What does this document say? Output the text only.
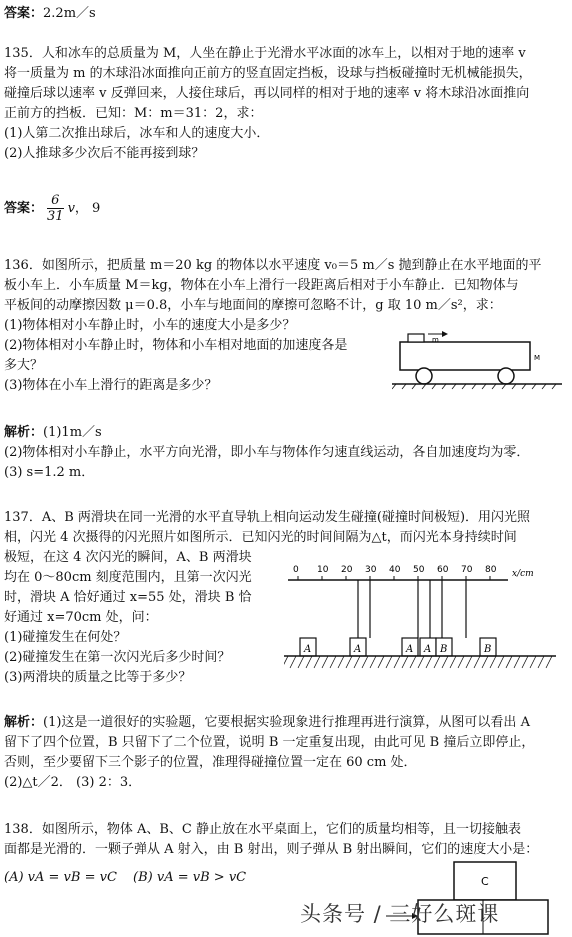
答案：2.2m／s
135．人和冰车的总质量为 M，人坐在静止于光滑水平冰面的冰车上，以相对于地的速率 v
将一质量为 m 的木球沿冰面推向正前方的竖直固定挡板，设球与挡板碰撞时无机械能损失，
碰撞后球以速率 v 反弹回来，人接住球后，再以同样的相对于地的速率 v 将木球沿冰面推向
正前方的挡板．已知：M：m＝31：2，求：
(1)人第二次推出球后，冰车和人的速度大小．
(2)人推球多少次后不能再接到球？
答案： $\frac{6}{31}$ v， 9
136．如图所示，把质量 m＝20 kg 的物体以水平速度 v₀＝5 m／s 抛到静止在水平地面的平
板小车上．小车质量 M＝kg，物体在小车上滑行一段距离后相对于小车静止．已知物体与
平板间的动摩擦因数 μ＝0.8，小车与地面间的摩擦可忽略不计，g 取 10 m／s²，求：
(1)物体相对小车静止时，小车的速度大小是多少？
(2)物体相对小车静止时，物体和小车相对地面的加速度各是
多大？
(3)物体在小车上滑行的距离是多少？
m
M
解析：(1)1m／s
(2)物体相对小车静止，水平方向光滑，即小车与物体作匀速直线运动，各自加速度均为零．
(3) s=1.2 m．
137．A、B 两滑块在同一光滑的水平直导轨上相向运动发生碰撞(碰撞时间极短)．用闪光照
相，闪光 4 次摄得的闪光照片如图所示．已知闪光的时间间隔为△t，而闪光本身持续时间
极短，在这 4 次闪光的瞬间，A、B 两滑块
均在 0～80cm 刻度范围内，且第一次闪光
时，滑块 A 恰好通过 x=55 处，滑块 B 恰
好通过 x=70cm 处，问：
(1)碰撞发生在何处？
(2)碰撞发生在第一次闪光后多少时间？
(3)两滑块的质量之比等于多少？
x/cm
0 10 20 30 40 50 60 70 80
A	A	A A B	B
解析：(1)这是一道很好的实验题，它要根据实验现象进行推理再进行演算，从图可以看出 A
留下了四个位置，B 只留下了二个位置，说明 B 一定重复出现，由此可见 B 撞后立即停止，
否则，至少要留下三个影子的位置，准理得碰撞位置一定在 60 cm 处．
(2)△t／2． (3) 2：3．
138．如图所示，物体 A、B、C 静止放在水平桌面上，它们的质量均相等，且一切接触表
面都是光滑的．一颗子弹从 A 射入，由 B 射出，则子弹从 B 射出瞬间，它们的速度大小是：
(A) vA = vB = vC (B) vA = vB > vC	C
头条号 / 三好么斑课
